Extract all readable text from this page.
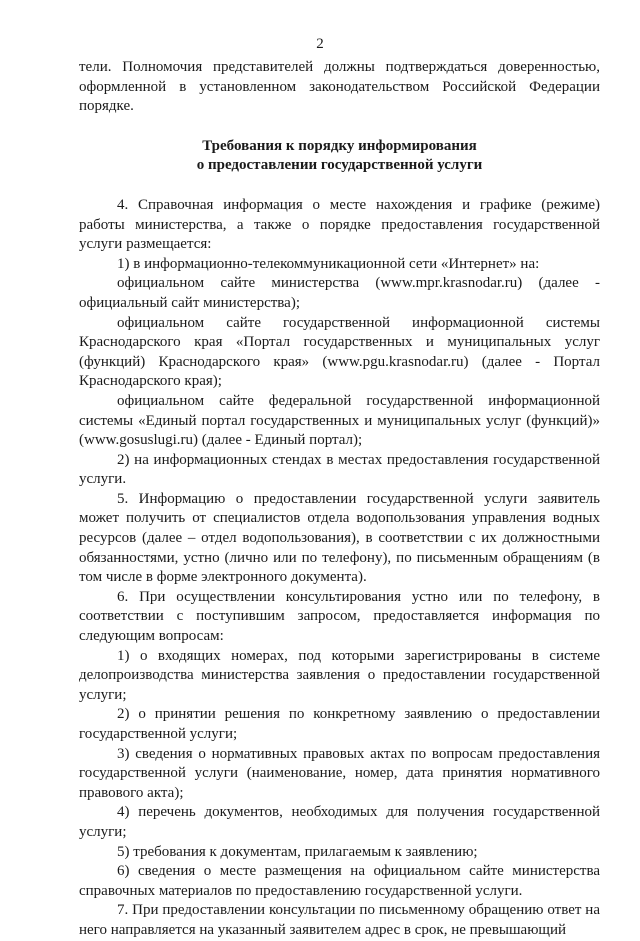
2

тели. Полномочия представителей должны подтверждаться доверенностью, оформленной в установленном законодательством Российской Федерации порядке.

Требования к порядку информирования
о предоставлении государственной услуги

4. Справочная информация о месте нахождения и графике (режиме) работы министерства, а также о порядке предоставления государственной услуги размещается:

1) в информационно-телекоммуникационной сети «Интернет» на:

официальном сайте министерства (www.mpr.krasnodar.ru) (далее - официальный сайт министерства);

официальном сайте государственной информационной системы Краснодарского края «Портал государственных и муниципальных услуг (функций) Краснодарского края» (www.pgu.krasnodar.ru) (далее - Портал Краснодарского края);

официальном сайте федеральной государственной информационной системы «Единый портал государственных и муниципальных услуг (функций)» (www.gosuslugi.ru) (далее - Единый портал);

2) на информационных стендах в местах предоставления государственной услуги.

5. Информацию о предоставлении государственной услуги заявитель может получить от специалистов отдела водопользования управления водных ресурсов (далее – отдел водопользования), в соответствии с их должностными обязанностями, устно (лично или по телефону), по письменным обращениям (в том числе в форме электронного документа).

6. При осуществлении консультирования устно или по телефону, в соответствии с поступившим запросом, предоставляется информация по следующим вопросам:

1) о входящих номерах, под которыми зарегистрированы в системе делопроизводства министерства заявления о предоставлении государственной услуги;

2) о принятии решения по конкретному заявлению о предоставлении государственной услуги;

3) сведения о нормативных правовых актах по вопросам предоставления государственной услуги (наименование, номер, дата принятия нормативного правового акта);

4) перечень документов, необходимых для получения государственной услуги;

5) требования к документам, прилагаемым к заявлению;

6) сведения о месте размещения на официальном сайте министерства справочных материалов по предоставлению государственной услуги.

7. При предоставлении консультации по письменному обращению ответ на него направляется на указанный заявителем адрес в срок, не превышающий
